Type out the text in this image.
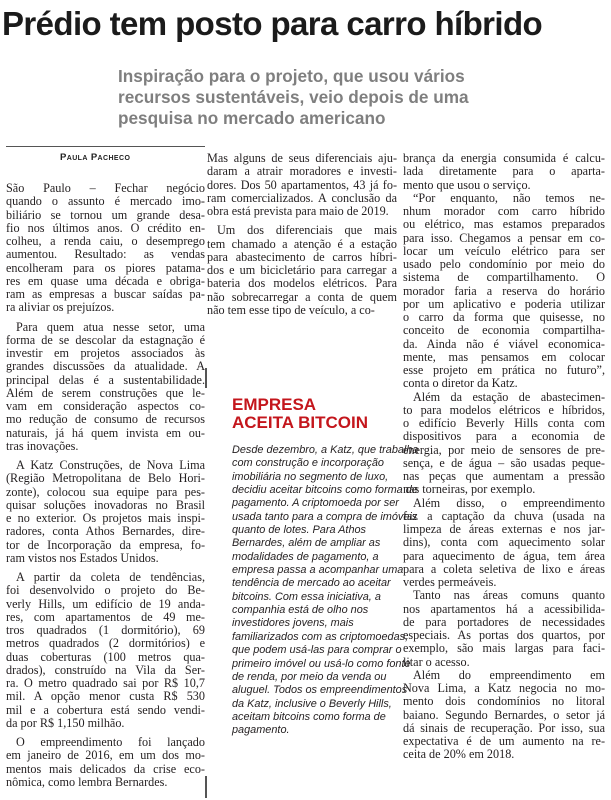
Prédio tem posto para carro híbrido
Inspiração para o projeto, que usou vários
recursos sustentáveis, veio depois de uma
pesquisa no mercado americano
Paula Pacheco
São Paulo – Fechar negócio
quando o assunto é mercado imo-
biliário se tornou um grande desa-
fio nos últimos anos. O crédito en-
colheu, a renda caiu, o desemprego
aumentou. Resultado: as vendas
encolheram para os piores patama-
res em quase uma década e obriga-
ram as empresas a buscar saídas pa-
ra aliviar os prejuízos.
Para quem atua nesse setor, uma
forma de se descolar da estagnação é
investir em projetos associados às
grandes discussões da atualidade. A
principal delas é a sustentabilidade.
Além de serem construções que le-
vam em consideração aspectos co-
mo redução de consumo de recursos
naturais, já há quem invista em ou-
tras inovações.
A Katz Construções, de Nova Lima
(Região Metropolitana de Belo Hori-
zonte), colocou sua equipe para pes-
quisar soluções inovadoras no Brasil
e no exterior. Os projetos mais inspi-
radores, conta Athos Bernardes, dire-
tor de Incorporação da empresa, fo-
ram vistos nos Estados Unidos.
A partir da coleta de tendências,
foi desenvolvido o projeto do Be-
verly Hills, um edifício de 19 anda-
res, com apartamentos de 49 me-
tros quadrados (1 dormitório), 69
metros quadrados (2 dormitórios) e
duas coberturas (100 metros qua-
drados), construído na Vila da Ser-
ra. O metro quadrado sai por R$ 10,7
mil. A opção menor custa R$ 530
mil e a cobertura está sendo vendi-
da por R$ 1,150 milhão.
O empreendimento foi lançado
em janeiro de 2016, em um dos mo-
mentos mais delicados da crise eco-
nômica, como lembra Bernardes.
Mas alguns de seus diferenciais aju-
daram a atrair moradores e investi-
dores. Dos 50 apartamentos, 43 já fo-
ram comercializados. A conclusão da
obra está prevista para maio de 2019.
Um dos diferenciais que mais
tem chamado a atenção é a estação
para abastecimento de carros híbri-
dos e um bicicletário para carregar a
bateria dos modelos elétricos. Para
não sobrecarregar a conta de quem
não tem esse tipo de veículo, a co-
brança da energia consumida é calcu-
lada diretamente para o aparta-
mento que usou o serviço.
“Por enquanto, não temos ne-
nhum morador com carro híbrido
ou elétrico, mas estamos preparados
para isso. Chegamos a pensar em co-
locar um veículo elétrico para ser
usado pelo condomínio por meio do
sistema de compartilhamento. O
morador faria a reserva do horário
por um aplicativo e poderia utilizar
o carro da forma que quisesse, no
conceito de economia compartilha-
da. Ainda não é viável economica-
mente, mas pensamos em colocar
esse projeto em prática no futuro”,
conta o diretor da Katz.
Além da estação de abastecimen-
to para modelos elétricos e híbridos,
o edifício Beverly Hills conta com
dispositivos para a economia de
energia, por meio de sensores de pre-
sença, e de água – são usadas peque-
nas peças que aumentam a pressão
nas torneiras, por exemplo.
Além disso, o empreendimento
faz a captação da chuva (usada na
limpeza de áreas externas e nos jar-
dins), conta com aquecimento solar
para aquecimento de água, tem área
para a coleta seletiva de lixo e áreas
verdes permeáveis.
Tanto nas áreas comuns quanto
nos apartamentos há a acessibilida-
de para portadores de necessidades
especiais. As portas dos quartos, por
exemplo, são mais largas para faci-
litar o acesso.
Além do empreendimento em
Nova Lima, a Katz negocia no mo-
mento dois condomínios no litoral
baiano. Segundo Bernardes, o setor já
dá sinais de recuperação. Por isso, sua
expectativa é de um aumento na re-
ceita de 20% em 2018.
EMPRESA
ACEITA BITCOIN
Desde dezembro, a Katz, que trabalha
com construção e incorporação
imobiliária no segmento de luxo,
decidiu aceitar bitcoins como forma de
pagamento. A criptomoeda por ser
usada tanto para a compra de imóveis
quanto de lotes. Para Athos
Bernardes, além de ampliar as
modalidades de pagamento, a
empresa passa a acompanhar uma
tendência de mercado ao aceitar
bitcoins. Com essa iniciativa, a
companhia está de olho nos
investidores jovens, mais
familiarizados com as criptomoedas,
que podem usá-las para comprar o
primeiro imóvel ou usá-lo como fonte
de renda, por meio da venda ou
aluguel. Todos os empreendimentos
da Katz, inclusive o Beverly Hills,
aceitam bitcoins como forma de
pagamento.
